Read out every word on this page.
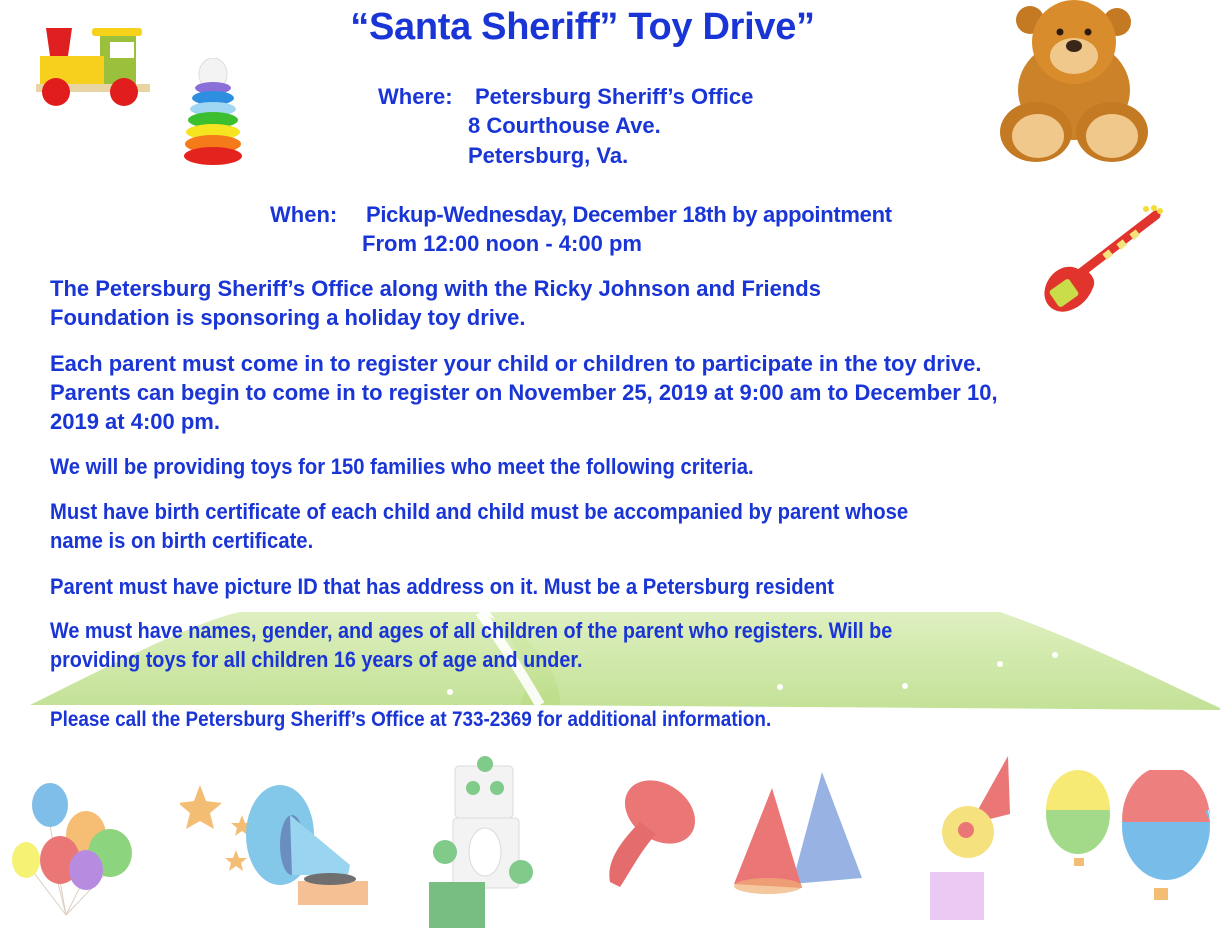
“Santa Sheriff” Toy Drive”
Where: Petersburg Sheriff’s Office
8 Courthouse Ave.
Petersburg, Va.
When: Pickup-Wednesday, December 18th by appointment
From 12:00 noon - 4:00 pm
The Petersburg Sheriff’s Office along with the Ricky Johnson and Friends
Foundation is sponsoring a holiday toy drive.
Each parent must come in to register your child or children to participate in the toy drive.
Parents can begin to come in to register on November 25, 2019 at 9:00 am to December 10,
2019 at 4:00 pm.
We will be providing toys for 150 families who meet the following criteria.
Must have birth certificate of each child and child must be accompanied by parent whose
name is on birth certificate.
Parent must have picture ID that has address on it. Must be a Petersburg resident
We must have names, gender, and ages of all children of the parent who registers. Will be
providing toys for all children 16 years of age and under.
Please call the Petersburg Sheriff’s Office at 733-2369 for additional information.
